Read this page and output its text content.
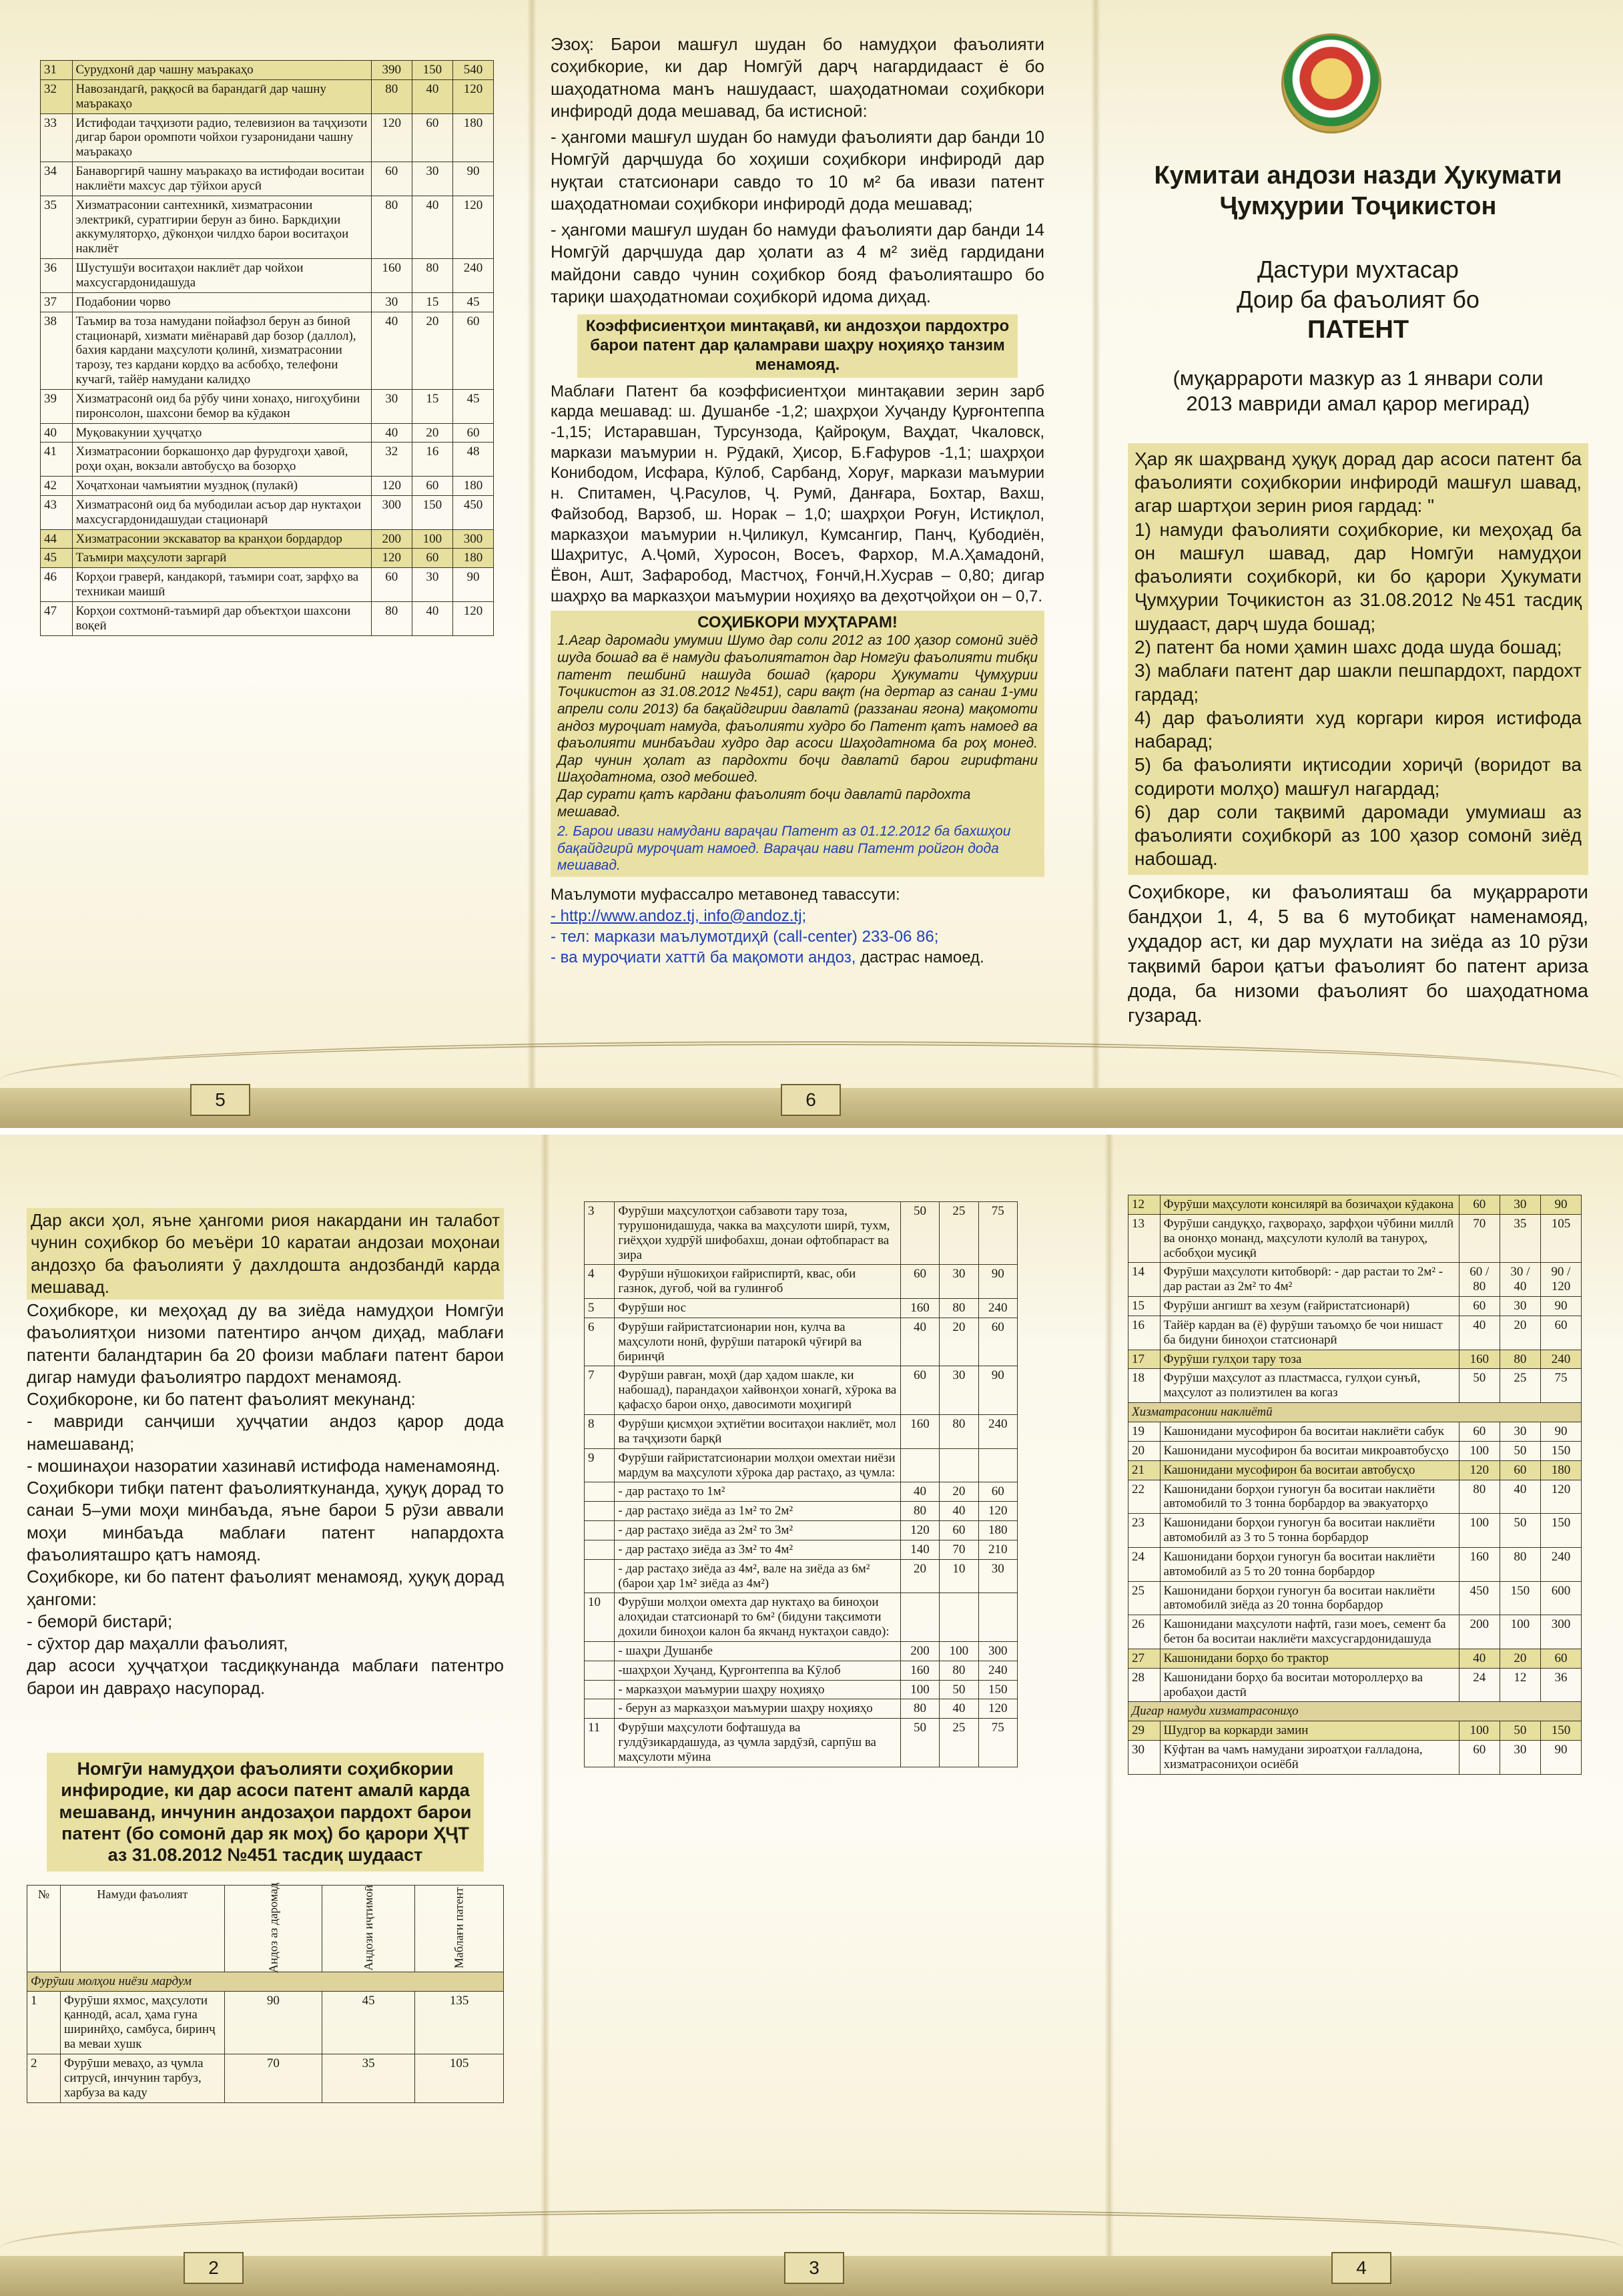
31	Сурудхонӣ дар чашну маъракаҳо	390	150	540
32	Навозандагӣ, раққосӣ ва барандагӣ дар чашну маъракаҳо	80	40	120
33	Истифодаи таҷҳизоти радио, телевизион ва таҷҳизоти дигар барои оромпоти чойхои гузаронидани чашну маъракаҳо	120	60	180
34	Банаворгирӣ чашну маъракаҳо ва истифодаи воситаи наклиёти махсус дар тӯйхои арусӣ	60	30	90
35	Хизматрасонии сантехникӣ, хизматрасонии электрикӣ, суратгирии берун аз бино. Баркдиҳии аккумуляторҳо, дӯконҳои чилдхо барои воситаҳои наклиёт	80	40	120
36	Шустушӯи воситаҳои наклиёт дар чойхои махсусгардонидашуда	160	80	240
37	Подабонии чорво	30	15	45
38	Таъмир ва тоза намудани пойафзол берун аз биноӣ стационарӣ, хизмати миёнаравӣ дар бозор (даллол), бахия кардани маҳсулоти қолинӣ, хизматрасонии тарозу, тез кардани кордҳо ва асбобҳо, телефони кучагӣ, тайёр намудани калидҳо	40	20	60
39	Хизматрасонӣ оид ба рӯбу чини хонаҳо, нигоҳубини пиронсолон, шахсони бемор ва кӯдакон	30	15	45
40	Муқовакунии ҳуҷҷатҳо	40	20	60
41	Хизматрасонии боркашонҳо дар фурудгоҳи ҳавоӣ, роҳи оҳан, вокзали автобусҳо ва бозорҳо	32	16	48
42	Хоҷатхонаи чамъиятии муздноқ (пулакӣ)	120	60	180
43	Хизматрасонӣ оид ба мубодилаи асъор дар нуктаҳои махсусгардонидашудаи стационарӣ	300	150	450
44	Хизматрасонии экскаватор ва кранҳои бордардор	200	100	300
45	Таъмири маҳсулоти заргарӣ	120	60	180
46	Корҳои граверӣ, кандакорӣ, таъмири соат, зарфҳо ва техникаи маишӣ	60	30	90
47	Корҳои сохтмонӣ-таъмирӣ дар объектҳои шахсони воқеӣ	80	40	120
5
Эзоҳ: Барои машғул шудан бо намудҳои фаъолияти соҳибкорие, ки дар Номгӯй дарҷ нагардидааст ё бо шаҳодатнома манъ нашудааст, шаҳодатномаи соҳибкори инфиродӣ дода мешавад, ба истисноӣ:
- ҳангоми машғул шудан бо намуди фаъолияти дар банди 10 Номгӯй дарҷшуда бо хоҳиши соҳибкори инфиродӣ дар нуқтаи статсионари савдо то 10 м² ба ивази патент шаҳодатномаи соҳибкори инфиродӣ дода мешавад;
- ҳангоми машғул шудан бо намуди фаъолияти дар банди 14 Номгӯй дарҷшуда дар ҳолати аз 4 м² зиёд гардидани майдони савдо чунин соҳибкор бояд фаъолияташро бо тариқи шаҳодатномаи соҳибкорӣ идома диҳад.
Коэффисиентҳои минтақавӣ, ки андозҳои пардохтро барои патент дар қаламрави шаҳру ноҳияҳо танзим менамояд.
Маблағи Патент ба коэффисиентҳои минтақавии зерин зарб карда мешавад: ш. Душанбе -1,2; шаҳрҳои Хуҷанду Қурғонтеппа -1,15; Истаравшан, Турсунзода, Қайроқум, Ваҳдат, Чкаловск, маркази маъмурии н. Рӯдакӣ, Ҳисор, Б.Ғафуров -1,1; шаҳрҳои Конибодом, Исфара, Кӯлоб, Сарбанд, Хоруғ, маркази маъмурии н. Спитамен, Ҷ.Расулов, Ҷ. Румӣ, Данғара, Бохтар, Вахш, Файзобод, Варзоб, ш. Норак – 1,0; шаҳрҳои Роғун, Истиқлол, марказҳои маъмурии н.Ҷиликул, Кумсангир, Панҷ, Қубодиён, Шаҳритус, А.Ҷомӣ, Хуросон, Восеъ, Фархор, М.А.Ҳамадонӣ, Ёвон, Ашт, Зафаробод, Мастчоҳ, Ғончӣ,Н.Хусрав – 0,80; дигар шаҳрҳо ва марказҳои маъмурии ноҳияҳо ва деҳотҷойҳои он – 0,7.
СОҲИБКОРИ МУҲТАРАМ!
1.Агар даромади умумии Шумо дар соли 2012 аз 100 ҳазор сомонӣ зиёд шуда бошад ва ё намуди фаъолиятатон дар Номгӯи фаъолияти тибқи патент пешбинӣ нашуда бошад (қарори Ҳукумати Ҷумҳурии Тоҷикистон аз 31.08.2012 №451), сари вақт (на дертар аз санаи 1-уми апрели соли 2013) ба бақайдгирии давлатӣ (раззанаи ягона) мақомоти андоз муроҷиат намуда, фаъолияти худро бо Патент қатъ намоед ва фаъолияти минбаъдаи худро дар асоси Шаҳодатнома ба роҳ монед. Дар чунин ҳолат аз пардохти боҷи давлатӣ барои гирифтани Шаҳодатнома, озод мебошед.
Дар сурати қатъ кардани фаъолият боҷи давлатӣ пардохта мешавад.
2. Барои ивази намудани вараҷаи Патент аз 01.12.2012 ба бахшҳои бақайдгирӣ муроҷиат намоед. Вараҷаи нави Патент ройгон дода мешавад.
Маълумоти муфассалро метавонед тавассути:
- http://www.andoz.tj, info@andoz.tj;
- тел: маркази маълумотдиҳӣ (call-center) 233-06 86;
- ва муроҷиати хаттӣ ба мақомоти андоз, дастрас намоед.
6
Кумитаи андози назди Ҳукумати Ҷумҳурии Тоҷикистон
Дастури мухтасар
Доир ба фаъолият бо
ПАТЕНТ
(муқаррароти мазкур аз 1 январи соли 2013 мавриди амал қарор мегирад)
Ҳар як шаҳрванд ҳуқуқ дорад дар асоси патент ба фаъолияти соҳибкории инфиродӣ машғул шавад, агар шартҳои зерин риоя гардад: "
1) намуди фаъолияти соҳибкорие, ки меҳоҳад ба он машғул шавад, дар Номгӯи намудҳои фаъолияти соҳибкорӣ, ки бо қарори Ҳукумати Ҷумҳурии Тоҷикистон аз 31.08.2012 №451 тасдиқ шудааст, дарҷ шуда бошад;
2) патент ба номи ҳамин шахс дода шуда бошад;
3) маблағи патент дар шакли пешпардохт, пардохт гардад;
4) дар фаъолияти худ коргари кироя истифода набарад;
5) ба фаъолияти иқтисодии хориҷӣ (воридот ва содироти молҳо) машғул нагардад;
6) дар соли тақвимӣ даромади умумиаш аз фаъолияти соҳибкорӣ аз 100 ҳазор сомонӣ зиёд набошад.
Соҳибкоре, ки фаъолияташ ба муқаррароти бандҳои 1, 4, 5 ва 6 мутобиқат наменамояд, уҳдадор аст, ки дар муҳлати на зиёда аз 10 рӯзи тақвимӣ барои қатъи фаъолият бо патент ариза дода, ба низоми фаъолият бо шаҳодатнома гузарад.
Дар акси ҳол, яъне ҳангоми риоя накардани ин талабот чунин соҳибкор бо меъёри 10 каратаи андозаи моҳонаи андозҳо ба фаъолияти ӯ дахлдошта андозбандӣ карда мешавад.
Соҳибкоре, ки меҳоҳад ду ва зиёда намудҳои Номгӯи фаъолиятҳои низоми патентиро анҷом диҳад, маблағи патенти баландтарин ба 20 фоизи маблағи патент барои дигар намуди фаъолиятро пардохт менамояд.
Соҳибкороне, ки бо патент фаъолият мекунанд:
- мавриди санҷиши ҳуҷҷатии андоз қарор дода намешаванд;
- мошинаҳои назоратии хазинавӣ истифода наменамоянд.
Соҳибкори тибқи патент фаъолияткунанда, ҳуқуқ дорад то санаи 5–уми моҳи минбаъда, яъне барои 5 рӯзи аввали моҳи минбаъда маблағи патент напардохта фаъолияташро қатъ намояд.
Соҳибкоре, ки бо патент фаъолият менамояд, ҳуқуқ дорад ҳангоми:
- беморӣ бистарӣ;
- сӯхтор дар маҳалли фаъолият,
дар асоси ҳуҷҷатҳои тасдиқкунанда маблағи патентро барои ин давраҳо насупорад.
Номгӯи намудҳои фаъолияти соҳибкории инфиродие, ки дар асоси патент амалӣ карда мешаванд, инчунин андозаҳои пардохт барои патент (бо сомонӣ дар як моҳ) бо қарори ҲҶТ аз 31.08.2012 №451 тасдиқ шудааст
№	Намуди фаъолият	Андоз аз даромад	Андози иҷтимоӣ	Маблағи патент
Фурӯши молҳои ниёзи мардум				
1	Фурӯши яхмос, маҳсулоти қаннодӣ, асал, ҳама гуна ширинӣҳо, самбуса, биринҷ ва меваи хушк	90	45	135
2	Фурӯши меваҳо, аз ҷумла ситрусӣ, инчунин тарбуз, харбуза ва каду	70	35	105
2
3	Фурӯши маҳсулотҳои сабзавоти тару тоза, турушонидашуда, чакка ва маҳсулоти ширӣ, тухм, гиёҳҳои худрӯй шифобахш, донаи офтобпараст ва зира	50	25	75
4	Фурӯши нӯшокиҳои ғайриспиртӣ, квас, оби газнок, дуғоб, чой ва гулинғоб	60	30	90
5	Фурӯши нос	160	80	240
6	Фурӯши ғайристатсионарии нон, кулча ва маҳсулоти нонӣ, фурӯши патарокӣ чӯғирӣ ва биринҷӣ	40	20	60
7	Фурӯши равған, моҳӣ (дар ҳадом шакле, ки набошад), парандаҳои хайвонҳои хонагӣ, хӯрока ва қафасҳо барои онҳо, давосимоти моҳигирӣ	60	30	90
8	Фурӯши қисмҳои эҳтиётии воситаҳои наклиёт, мол ва таҷҳизоти барқӣ	160	80	240
9	Фурӯши ғайристатсионарии молҳои омехтаи ниёзи мардум ва маҳсулоти хӯрока дар растаҳо, аз ҷумла:			
	- дар растаҳо то 1м²	40	20	60
	- дар растаҳо зиёда аз 1м² то 2м²	80	40	120
	- дар растаҳо зиёда аз 2м² то 3м²	120	60	180
	- дар растаҳо зиёда аз 3м² то 4м²	140	70	210
	- дар растаҳо зиёда аз 4м², вале на зиёда аз 6м² (барои ҳар 1м² зиёда аз 4м²)	20	10	30
10	Фурӯши молҳои омехта дар нуктаҳо ва биноҳои алоҳидаи статсионарӣ то 6м² (бидуни тақсимоти дохили биноҳои калон ба якчанд нуктаҳои савдо):			
	- шаҳри Душанбе	200	100	300
	-шаҳрҳои Хуҷанд, Қурғонтеппа ва Кӯлоб	160	80	240
	- марказҳои маъмурии шаҳру ноҳияҳо	100	50	150
	- берун аз марказҳои маъмурии шаҳру ноҳияҳо	80	40	120
11	Фурӯши маҳсулоти бофташуда ва гулдӯзикардашуда, аз ҷумла зардӯзӣ, сарпӯш ва маҳсулоти мӯина	50	25	75
3
12	Фурӯши маҳсулоти консилярӣ ва бозичаҳои кӯдакона	60	30	90
13	Фурӯши сандуқҳо, гаҳвораҳо, зарфҳои чӯбини миллӣ ва ононҳо монанд, маҳсулоти кулолӣ ва тануроҳ, асбобҳои мусиқӣ	70	35	105
14	Фурӯши маҳсулоти китобворӣ: - дар растаи то 2м² - дар растаи аз 2м² то 4м²	60 / 80	30 / 40	90 / 120
15	Фурӯши ангишт ва хезум (ғайристатсионарӣ)	60	30	90
16	Тайёр кардан ва (ё) фурӯши таъомҳо бе чои нишаст ба бидуни биноҳои статсионарӣ	40	20	60
17	Фурӯши гулҳои тару тоза	160	80	240
18	Фурӯши маҳсулот аз пластмасса, гулҳои сунъӣ, маҳсулот аз полиэтилен ва когаз	50	25	75
Хизматрасонии наклиётӣ				
19	Кашонидани мусофирон ба воситаи наклиёти сабук	60	30	90
20	Кашонидани мусофирон ба воситаи микроавтобусҳо	100	50	150
21	Кашонидани мусофирон ба воситаи автобусҳо	120	60	180
22	Кашонидани борҳои гуногун ба воситаи наклиёти автомобилӣ то 3 тонна борбардор ва эвакуаторҳо	80	40	120
23	Кашонидани борҳои гуногун ба воситаи наклиёти автомобилӣ аз 3 то 5 тонна борбардор	100	50	150
24	Кашонидани борҳои гуногун ба воситаи наклиёти автомобилӣ аз 5 то 20 тонна борбардор	160	80	240
25	Кашонидани борҳои гуногун ба воситаи наклиёти автомобилӣ зиёда аз 20 тонна борбардор	450	150	600
26	Кашонидани маҳсулоти нафтӣ, гази моеъ, семент ба бетон ба воситаи наклиёти махсусгардонидашуда	200	100	300
27	Кашонидани борҳо бо трактор	40	20	60
28	Кашонидани борҳо ба воситаи мотороллерҳо ва аробаҳои дастӣ	24	12	36
Дигар намуди хизматрасониҳо				
29	Шудгор ва коркарди замин	100	50	150
30	Кӯфтан ва чамъ намудани зироатҳои ғалладона, хизматрасониҳои осиёбӣ	60	30	90
4
